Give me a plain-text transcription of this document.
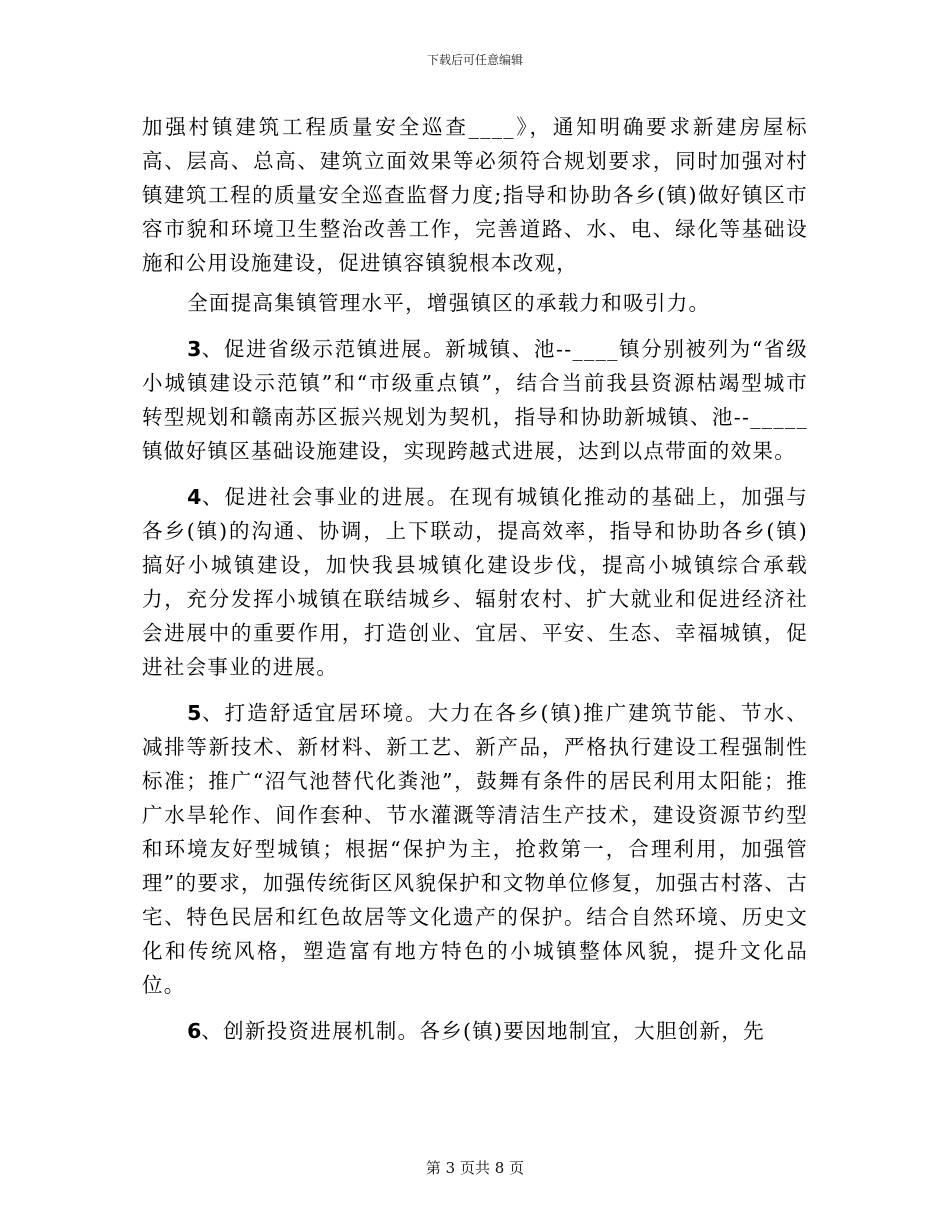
下载后可任意编辑

加强村镇建筑工程质量安全巡查____》，通知明确要求新建房屋标高、层高、总高、建筑立面效果等必须符合规划要求，同时加强对村镇建筑工程的质量安全巡查监督力度;指导和协助各乡(镇)做好镇区市容市貌和环境卫生整治改善工作，完善道路、水、电、绿化等基础设施和公用设施建设，促进镇容镇貌根本改观，

全面提高集镇管理水平，增强镇区的承载力和吸引力。

3、促进省级示范镇进展。新城镇、池--____镇分别被列为“省级小城镇建设示范镇”和“市级重点镇”，结合当前我县资源枯竭型城市转型规划和赣南苏区振兴规划为契机，指导和协助新城镇、池--_____镇做好镇区基础设施建设，实现跨越式进展，达到以点带面的效果。

4、促进社会事业的进展。在现有城镇化推动的基础上，加强与各乡(镇)的沟通、协调，上下联动，提高效率，指导和协助各乡(镇)搞好小城镇建设，加快我县城镇化建设步伐，提高小城镇综合承载力，充分发挥小城镇在联结城乡、辐射农村、扩大就业和促进经济社会进展中的重要作用，打造创业、宜居、平安、生态、幸福城镇，促进社会事业的进展。

5、打造舒适宜居环境。大力在各乡(镇)推广建筑节能、节水、减排等新技术、新材料、新工艺、新产品，严格执行建设工程强制性标准；推广“沼气池替代化粪池”，鼓舞有条件的居民利用太阳能；推广水旱轮作、间作套种、节水灌溉等清洁生产技术，建设资源节约型和环境友好型城镇；根据“保护为主，抢救第一，合理利用，加强管理”的要求，加强传统街区风貌保护和文物单位修复，加强古村落、古宅、特色民居和红色故居等文化遗产的保护。结合自然环境、历史文化和传统风格，塑造富有地方特色的小城镇整体风貌，提升文化品位。

6、创新投资进展机制。各乡(镇)要因地制宜，大胆创新，先

第 3 页共 8 页
